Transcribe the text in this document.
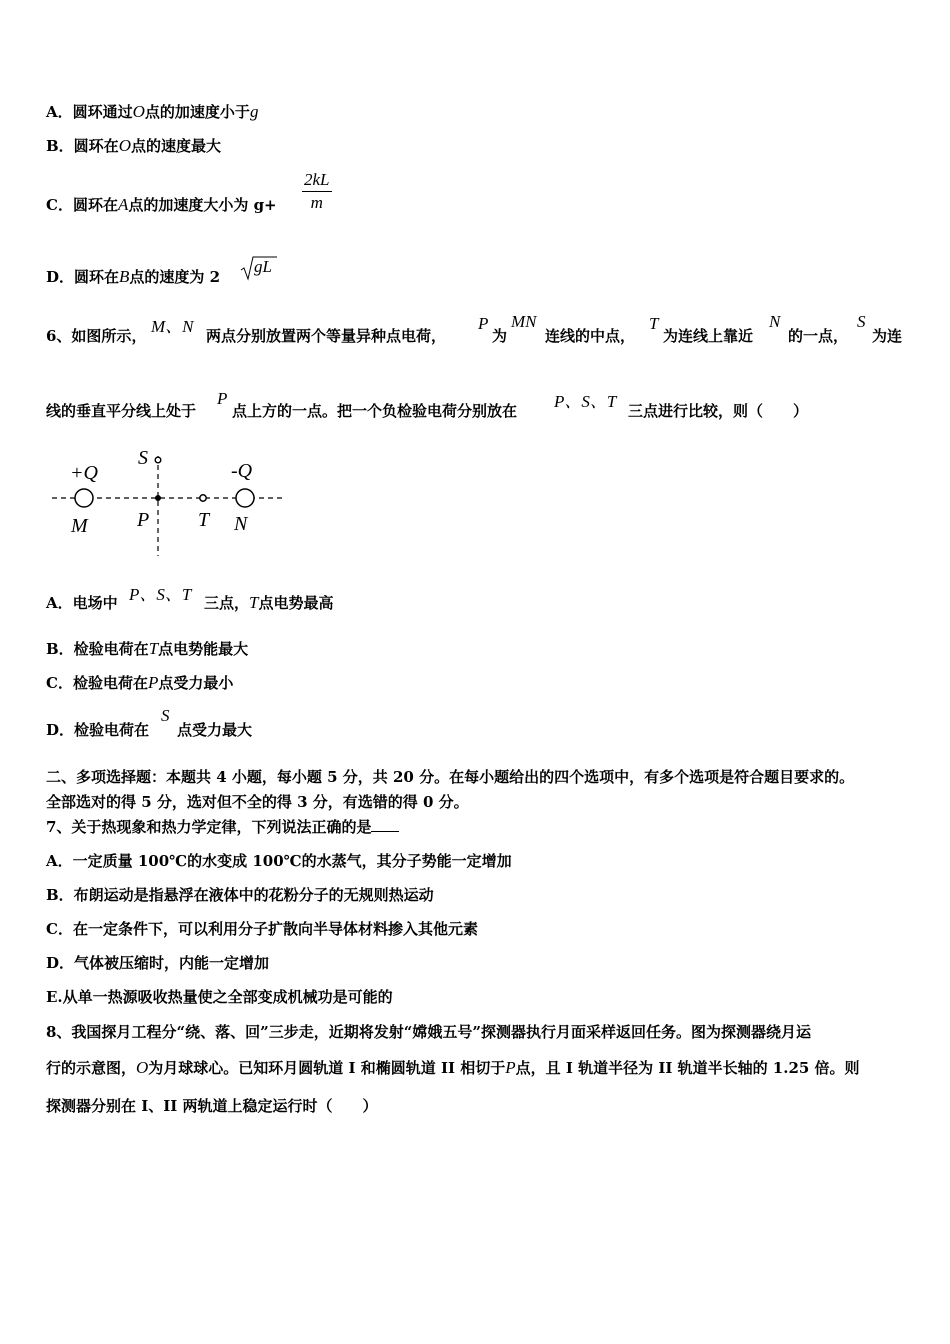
A．圆环通过O点的加速度小于g
B．圆环在O点的速度最大
C．圆环在A点的加速度大小为 g+
2kL
m
D．圆环在B点的速度为 2
gL
6、如图所示， M、N 两点分别放置两个等量异种点电荷，
P
为
MN
连线的中点，
T
为连线上靠近
N
的一点，
S
为连
线的垂直平分线上处于
P
点上方的一点。把一个负检验电荷分别放在 P、S、T 三点进行比较，则（　　）
+Q	-Q
M P T N
S
A．电场中 P、S、T 三点，T点电势最高
B．检验电荷在T点电势能最大
C．检验电荷在P点受力最小
D．检验电荷在
S
点受力最大
二、多项选择题：本题共 4 小题，每小题 5 分，共 20 分。在每小题给出的四个选项中，有多个选项是符合题目要求的。
全部选对的得 5 分，选对但不全的得 3 分，有选错的得 0 分。
7、关于热现象和热力学定律，下列说法正确的是
A．一定质量 100℃的水变成 100℃的水蒸气，其分子势能一定增加
B．布朗运动是指悬浮在液体中的花粉分子的无规则热运动
C．在一定条件下，可以利用分子扩散向半导体材料掺入其他元素
D．气体被压缩时，内能一定增加
E.从单一热源吸收热量使之全部变成机械功是可能的
8、我国探月工程分“绕、落、回”三步走，近期将发射“嫦娥五号”探测器执行月面采样返回任务。图为探测器绕月运
行的示意图，O为月球球心。已知环月圆轨道 I 和椭圆轨道 II 相切于P点，且 I 轨道半径为 II 轨道半长轴的 1.25 倍。则
探测器分别在 I、II 两轨道上稳定运行时（　　）
